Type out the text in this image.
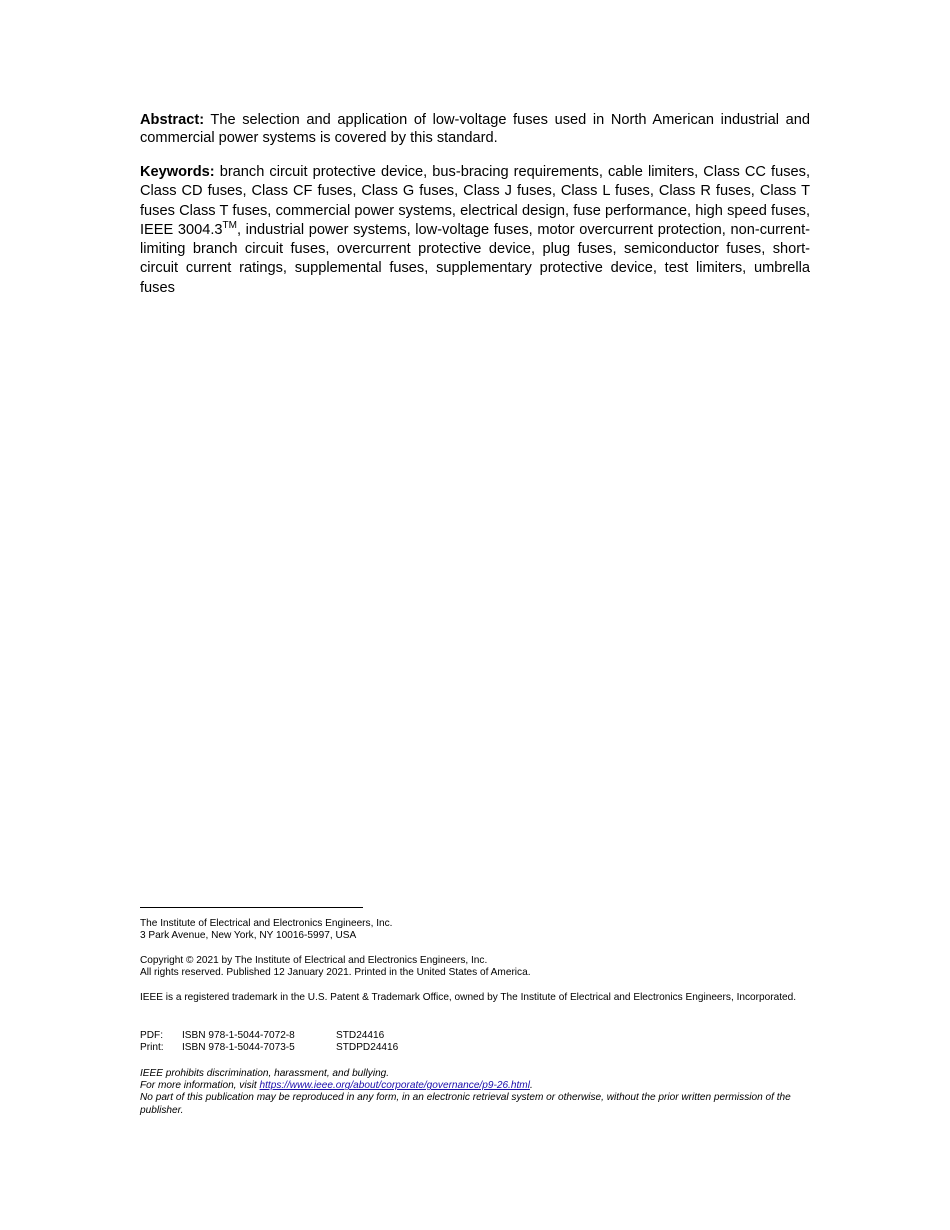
Abstract: The selection and application of low-voltage fuses used in North American industrial and commercial power systems is covered by this standard.

Keywords: branch circuit protective device, bus-bracing requirements, cable limiters, Class CC fuses, Class CD fuses, Class CF fuses, Class G fuses, Class J fuses, Class L fuses, Class R fuses, Class T fuses Class T fuses, commercial power systems, electrical design, fuse performance, high speed fuses, IEEE 3004.3™, industrial power systems, low-voltage fuses, motor overcurrent protection, non-current-limiting branch circuit fuses, overcurrent protective device, plug fuses, semiconductor fuses, short-circuit current ratings, supplemental fuses, supplementary protective device, test limiters, umbrella fuses

The Institute of Electrical and Electronics Engineers, Inc.
3 Park Avenue, New York, NY 10016-5997, USA
Copyright © 2021 by The Institute of Electrical and Electronics Engineers, Inc.
All rights reserved. Published 12 January 2021. Printed in the United States of America.
IEEE is a registered trademark in the U.S. Patent & Trademark Office, owned by The Institute of Electrical and Electronics Engineers, Incorporated.
PDF:	ISBN 978-1-5044-7072-8	STD24416
Print:	ISBN 978-1-5044-7073-5	STDPD24416
IEEE prohibits discrimination, harassment, and bullying.
For more information, visit https://www.ieee.org/about/corporate/governance/p9-26.html.
No part of this publication may be reproduced in any form, in an electronic retrieval system or otherwise, without the prior written permission of the publisher.
